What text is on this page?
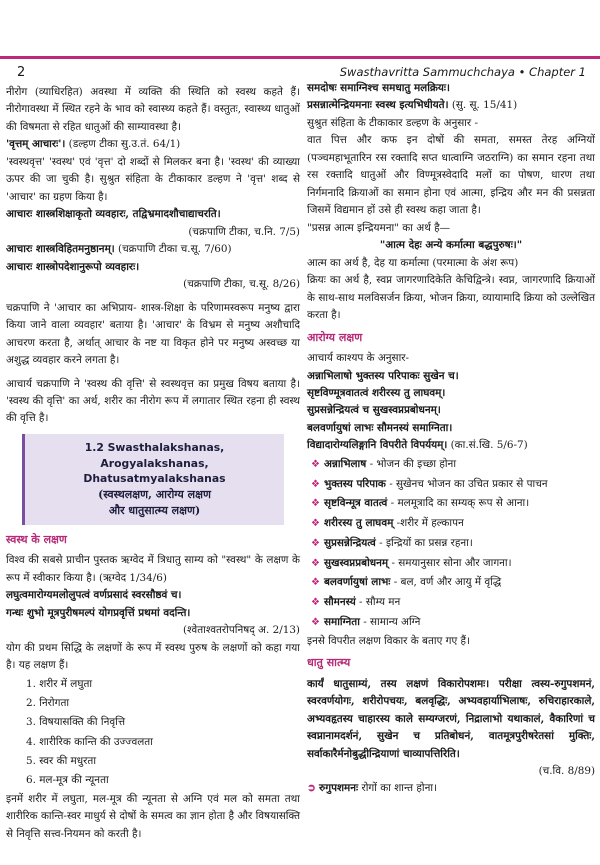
2	Swasthavritta Sammuchchaya • Chapter 1

नीरोग (व्याधिरहित) अवस्था में व्यक्ति की स्थिति को स्वस्थ कहते हैं। नीरोगावस्था में स्थित रहने के भाव को स्वास्थ्य कहते हैं। वस्तुतः, स्वास्थ्य धातुओं की विषमता से रहित धातुओं की साम्यावस्था है।

'वृत्तम् आचारः'। (डल्हण टीका सु.उ.तं. 64/1)

'स्वस्थवृत्त' 'स्वस्थ' एवं 'वृत्त' दो शब्दों से मिलकर बना है। 'स्वस्थ' की व्याख्या ऊपर की जा चुकी है। सुश्रुत संहिता के टीकाकार डल्हण ने 'वृत्त' शब्द से 'आचार' का ग्रहण किया है।

आचारः शास्त्रशिक्षाकृतो व्यवहारः, तद्विभ्रमादशौचाद्याचरति।

(चक्रपाणि टीका, च.नि. 7/5)

आचारः शास्त्रविहितमनुष्ठानम्। (चक्रपाणि टीका च.सू. 7/60)

आचारः शास्त्रोपदेशानुरूपो व्यवहारः।

(चक्रपाणि टीका, च.सू. 8/26)

चक्रपाणि ने 'आचार का अभिप्राय- शास्त्र-शिक्षा के परिणामस्वरूप मनुष्य द्वारा किया जाने वाला व्यवहार' बताया है। 'आचार' के विभ्रम से मनुष्य अशौचादि आचरण करता है, अर्थात् आचार के नष्ट या विकृत होने पर मनुष्य अस्वच्छ या अशुद्ध व्यवहार करने लगता है।

आचार्य चक्रपाणि ने 'स्वस्थ की वृत्ति' से स्वस्थवृत्त का प्रमुख विषय बताया है। 'स्वस्थ की वृत्ति' का अर्थ, शरीर का नीरोग रूप में लगातार स्थित रहना ही स्वस्थ की वृत्ति है।

1.2 Swasthalakshanas, Arogyalakshanas,
Dhatusatmyalakshanas
(स्वस्थलक्षण, आरोग्य लक्षण
और धातुसात्म्य लक्षण)
स्वस्थ के लक्षण

विश्व की सबसे प्राचीन पुस्तक ऋग्वेद में त्रिधातु साम्य को "स्वस्थ" के लक्षण के रूप में स्वीकार किया है। (ऋग्वेद 1/34/6)

लघुत्वमारोग्यमलोलुपत्वं वर्णप्रसादं स्वरसौष्ठवं च।

गन्धः शुभो मूत्रपुरीषमल्पं योगप्रवृत्तिं प्रथमां वदन्ति।

(श्वेताश्वतरोपनिषद् अ. 2/13)

योग की प्रथम सिद्धि के लक्षणों के रूप में स्वस्थ पुरुष के लक्षणों को कहा गया है। यह लक्षण हैं।

1. शरीर में लघुता
2. निरोगता
3. विषयासक्ति की निवृत्ति
4. शारीरिक कान्ति की उज्ज्वलता
5. स्वर की मधुरता
6. मल-मूत्र की न्यूनता

इनमें शरीर में लघुता, मल-मूत्र की न्यूनता से अग्नि एवं मल को समता तथा शारीरिक कान्ति-स्वर माधुर्य से दोषों के समत्व का ज्ञान होता है और विषयासक्ति से निवृत्ति सत्त्व-नियमन को करती है।

समदोषः समाग्निश्च समधातु मलक्रियः।

प्रसन्नात्मेन्द्रियमनाः स्वस्थ इत्यभिधीयते। (सु. सू. 15/41)

सुश्रुत संहिता के टीकाकार डल्हण के अनुसार -

वात पित्त और कफ इन दोषों की समता, समस्त तेरह अग्नियों (पञ्चमहाभूतारिन रस रक्तादि सप्त धात्वाग्नि जठराग्नि) का समान रहना तथा रस रक्तादि धातुओं और विण्मूत्रस्वेदादि मलों का पोषण, धारण तथा निर्गमनादि क्रियाओं का समान होना एवं आत्मा, इन्द्रिय और मन की प्रसन्नता जिसमें विद्यमान हों उसे ही स्वस्थ कहा जाता है।

"प्रसन्न आत्म इन्द्रियमना" का अर्थ है—

"आत्म देहः अन्ये कर्मात्मा बद्धपुरुषः।"

आत्म का अर्थ है, देह या कर्मात्मा (परमात्मा के अंश रूप)

क्रियः का अर्थ है, स्वप्न जागरणादिकेति केचिद्विन्त्रे। स्वप्न, जागरणादि क्रियाओं के साथ-साथ मलविसर्जन क्रिया, भोजन क्रिया, व्यायामादि क्रिया को उल्लेखित करता है।

आरोग्य लक्षण

आचार्य काश्यप के अनुसार-

अन्नाभिलाषो भुक्तस्य परिपाकः सुखेन च।

सृष्टविण्मूत्रवातत्वं शरीरस्य तु लाघवम्।

सुप्रसन्नेन्द्रियत्वं च सुखस्वप्नप्रबोधनम्।

बलवर्णायुषां लाभः सौमनस्यं समाग्निता।

विद्यादारोग्यलिङ्गानि विपरीते विपर्ययम्। (का.सं.खि. 5/6-7)

❖ अन्नाभिलाष - भोजन की इच्छा होना
❖ भुक्तस्य परिपाक - सुखेनच भोजन का उचित प्रकार से पाचन
❖ सृष्टविन्मूत्र वातत्वं - मलमूत्रादि का सम्यक् रूप से आना।
❖ शरीरस्य तु लाघवम् -शरीर में हल्कापन
❖ सुप्रसन्नेन्द्रियत्वं - इन्द्रियों का प्रसन्न रहना।
❖ सुखस्वप्नप्रबोधनम् - समयानुसार सोना और जागना।
❖ बलवर्णायुषां लाभः - बल, वर्ण और आयु में वृद्धि
❖ सौमनस्यं - सौम्य मन
❖ समाग्निता - सामान्य अग्नि

इनसे विपरीत लक्षण विकार के बताए गए हैं।

धातु सात्म्य

कार्यं धातुसाम्यं, तस्य लक्षणं विकारोपशमः। परीक्षा त्वस्य-रुगुपशमनं, स्वरवर्णयोगः, शरीरोपचयः, बलवृद्धिः, अभ्यवहार्याभिलाषः, रुचिराहारकाले, अभ्यवहृतस्य चाहारस्य काले सम्यग्जरणं, निद्रालाभो यथाकालं, वैकारिणां च स्वप्नानामदर्शनं, सुखेन च प्रतिबोधनं, वातमूत्रपुरीषरेतसां मुक्तिः, सर्वाकारैर्मनोबुद्धीन्द्रियाणां चाव्यापत्तिरिति।

(च.वि. 8/89)

➲ रुगुपशमनः रोगों का शान्त होना।
